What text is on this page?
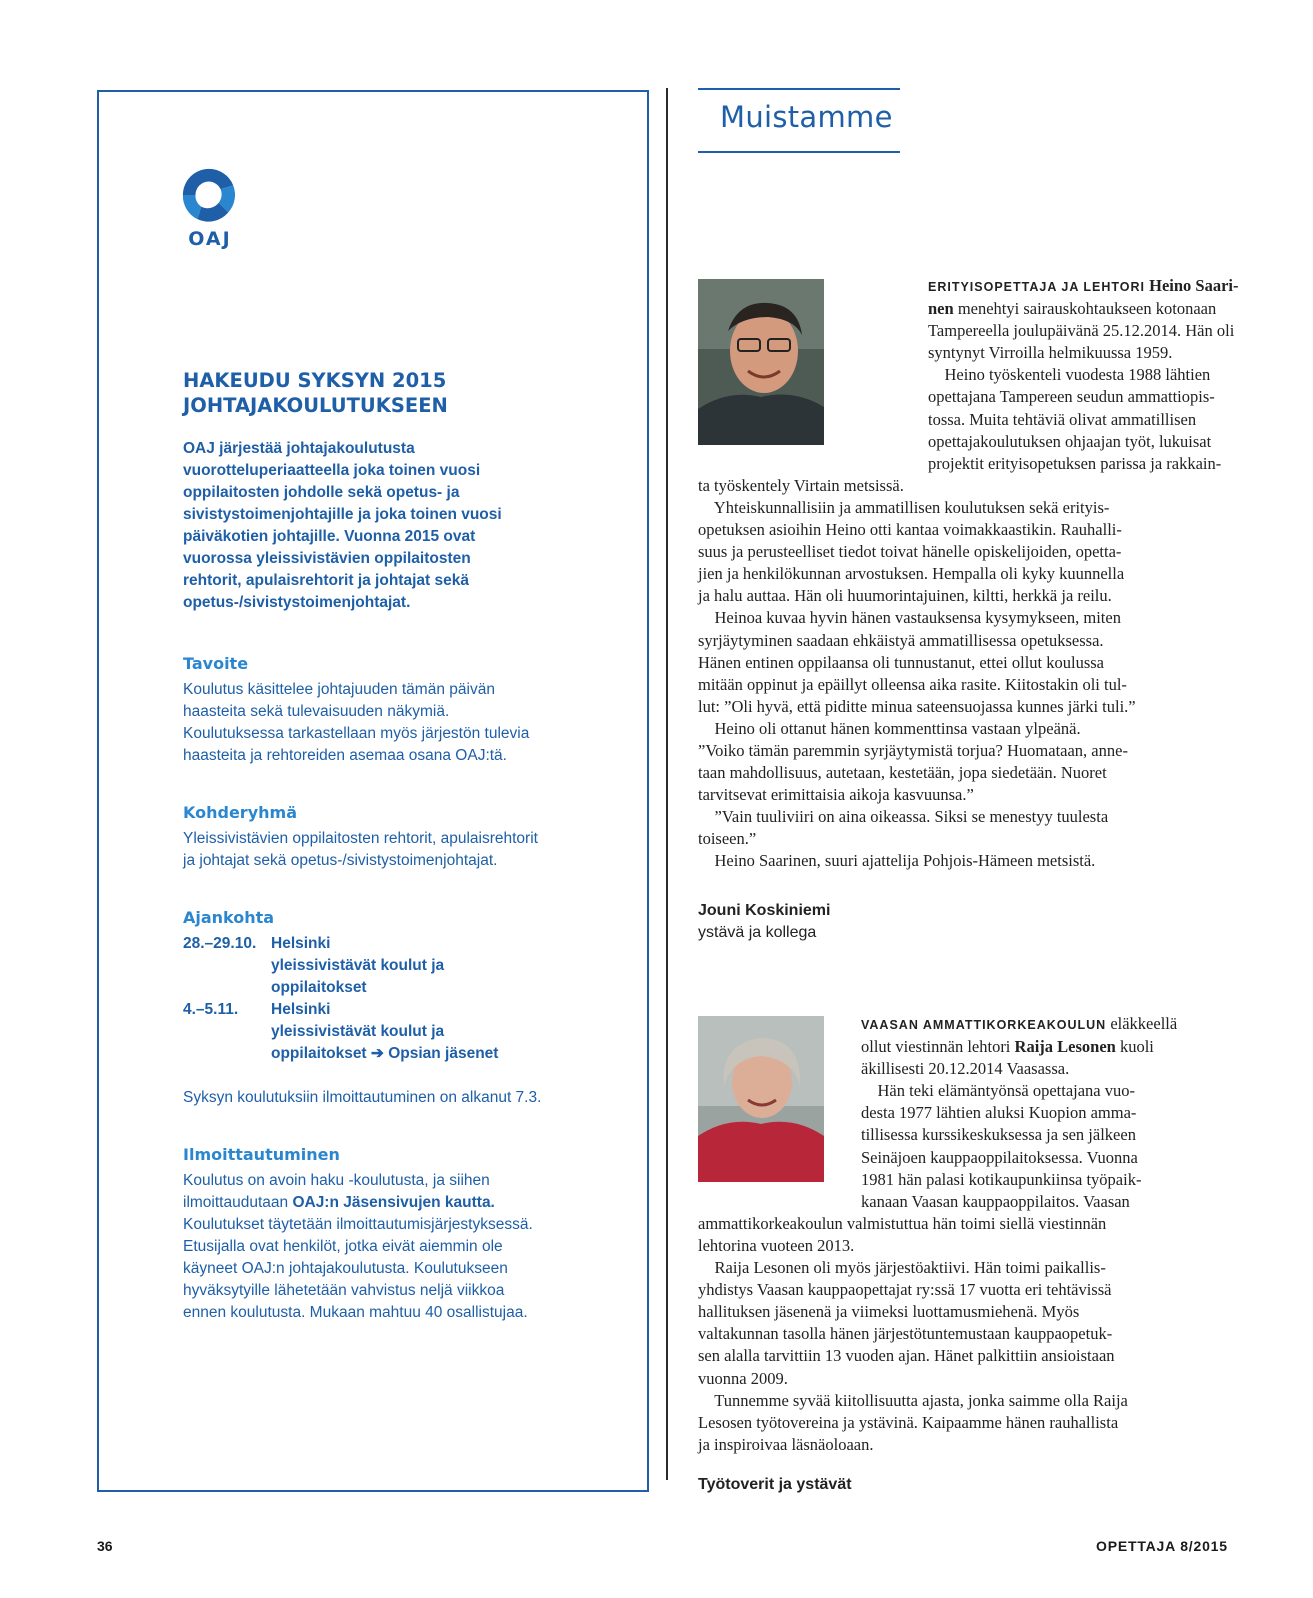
OAJ
HAKEUDU SYKSYN 2015
JOHTAJAKOULUTUKSEEN

OAJ järjestää johtajakoulutusta
vuorotteluperiaatteella joka toinen vuosi
oppilaitosten johdolle sekä opetus- ja
sivistystoimenjohtajille ja joka toinen vuosi
päiväkotien johtajille. Vuonna 2015 ovat
vuorossa yleissivistävien oppilaitosten
rehtorit, apulaisrehtorit ja johtajat sekä
opetus-/sivistystoimenjohtajat.

Tavoite

Koulutus käsittelee johtajuuden tämän päivän
haasteita sekä tulevaisuuden näkymiä.
Koulutuksessa tarkastellaan myös järjestön tulevia
haasteita ja rehtoreiden asemaa osana OAJ:tä.

Kohderyhmä

Yleissivistävien oppilaitosten rehtorit, apulaisrehtorit
ja johtajat sekä opetus-/sivistystoimenjohtajat.

Ajankohta
28.–29.10. Helsinki
yleissivistävät koulut ja
oppilaitokset
4.–5.11.	Helsinki
yleissivistävät koulut ja
oppilaitokset ➔ Opsian jäsenet

Syksyn koulutuksiin ilmoittautuminen on alkanut 7.3.

Ilmoittautuminen

Koulutus on avoin haku -koulutusta, ja siihen
ilmoittaudutaan OAJ:n Jäsensivujen kautta.
Koulutukset täytetään ilmoittautumisjärjestyksessä.
Etusijalla ovat henkilöt, jotka eivät aiemmin ole
käyneet OAJ:n johtajakoulutusta. Koulutukseen
hyväksytyille lähetetään vahvistus neljä viikkoa
ennen koulutusta. Mukaan mahtuu 40 osallistujaa.

Muistamme
ERITYISOPETTAJA JA LEHTORI Heino Saari-
nen menehtyi sairauskohtaukseen kotonaan
Tampereella joulupäivänä 25.12.2014. Hän oli
syntynyt Virroilla helmikuussa 1959.
Heino työskenteli vuodesta 1988 lähtien
opettajana Tampereen seudun ammattiopis-
tossa. Muita tehtäviä olivat ammatillisen
opettajakoulutuksen ohjaajan työt, lukuisat
projektit erityisopetuksen parissa ja rakkain-
ta työskentely Virtain metsissä.
Yhteiskunnallisiin ja ammatillisen koulutuksen sekä erityis-
opetuksen asioihin Heino otti kantaa voimakkaastikin. Rauhalli-
suus ja perusteelliset tiedot toivat hänelle opiskelijoiden, opetta-
jien ja henkilökunnan arvostuksen. Hempalla oli kyky kuunnella
ja halu auttaa. Hän oli huumorintajuinen, kiltti, herkkä ja reilu.
Heinoa kuvaa hyvin hänen vastauksensa kysymykseen, miten
syrjäytyminen saadaan ehkäistyä ammatillisessa opetuksessa.
Hänen entinen oppilaansa oli tunnustanut, ettei ollut koulussa
mitään oppinut ja epäillyt olleensa aika rasite. Kiitostakin oli tul-
lut: ”Oli hyvä, että piditte minua sateensuojassa kunnes järki tuli.”
Heino oli ottanut hänen kommenttinsa vastaan ylpeänä.
”Voiko tämän paremmin syrjäytymistä torjua? Huomataan, anne-
taan mahdollisuus, autetaan, kestetään, jopa siedetään. Nuoret
tarvitsevat erimittaisia aikoja kasvuunsa.”
”Vain tuuliviiri on aina oikeassa. Siksi se menestyy tuulesta
toiseen.”
Heino Saarinen, suuri ajattelija Pohjois-Hämeen metsistä.
Jouni Koskiniemi
ystävä ja kollega
VAASAN AMMATTIKORKEAKOULUN eläkkeellä
ollut viestinnän lehtori Raija Lesonen kuoli
äkillisesti 20.12.2014 Vaasassa.
Hän teki elämäntyönsä opettajana vuo-
desta 1977 lähtien aluksi Kuopion amma-
tillisessa kurssikeskuksessa ja sen jälkeen
Seinäjoen kauppaoppilaitoksessa. Vuonna
1981 hän palasi kotikaupunkiinsa työpaik-
kanaan Vaasan kauppaoppilaitos. Vaasan
ammattikorkeakoulun valmistuttua hän toimi siellä viestinnän
lehtorina vuoteen 2013.
Raija Lesonen oli myös järjestöaktiivi. Hän toimi paikallis-
yhdistys Vaasan kauppaopettajat ry:ssä 17 vuotta eri tehtävissä
hallituksen jäsenenä ja viimeksi luottamusmiehenä. Myös
valtakunnan tasolla hänen järjestötuntemustaan kauppaopetuk-
sen alalla tarvittiin 13 vuoden ajan. Hänet palkittiin ansioistaan
vuonna 2009.
Tunnemme syvää kiitollisuutta ajasta, jonka saimme olla Raija
Lesosen työtovereina ja ystävinä. Kaipaamme hänen rauhallista
ja inspiroivaa läsnäoloaan.
Työtoverit ja ystävät
36	OPETTAJA 8/2015
